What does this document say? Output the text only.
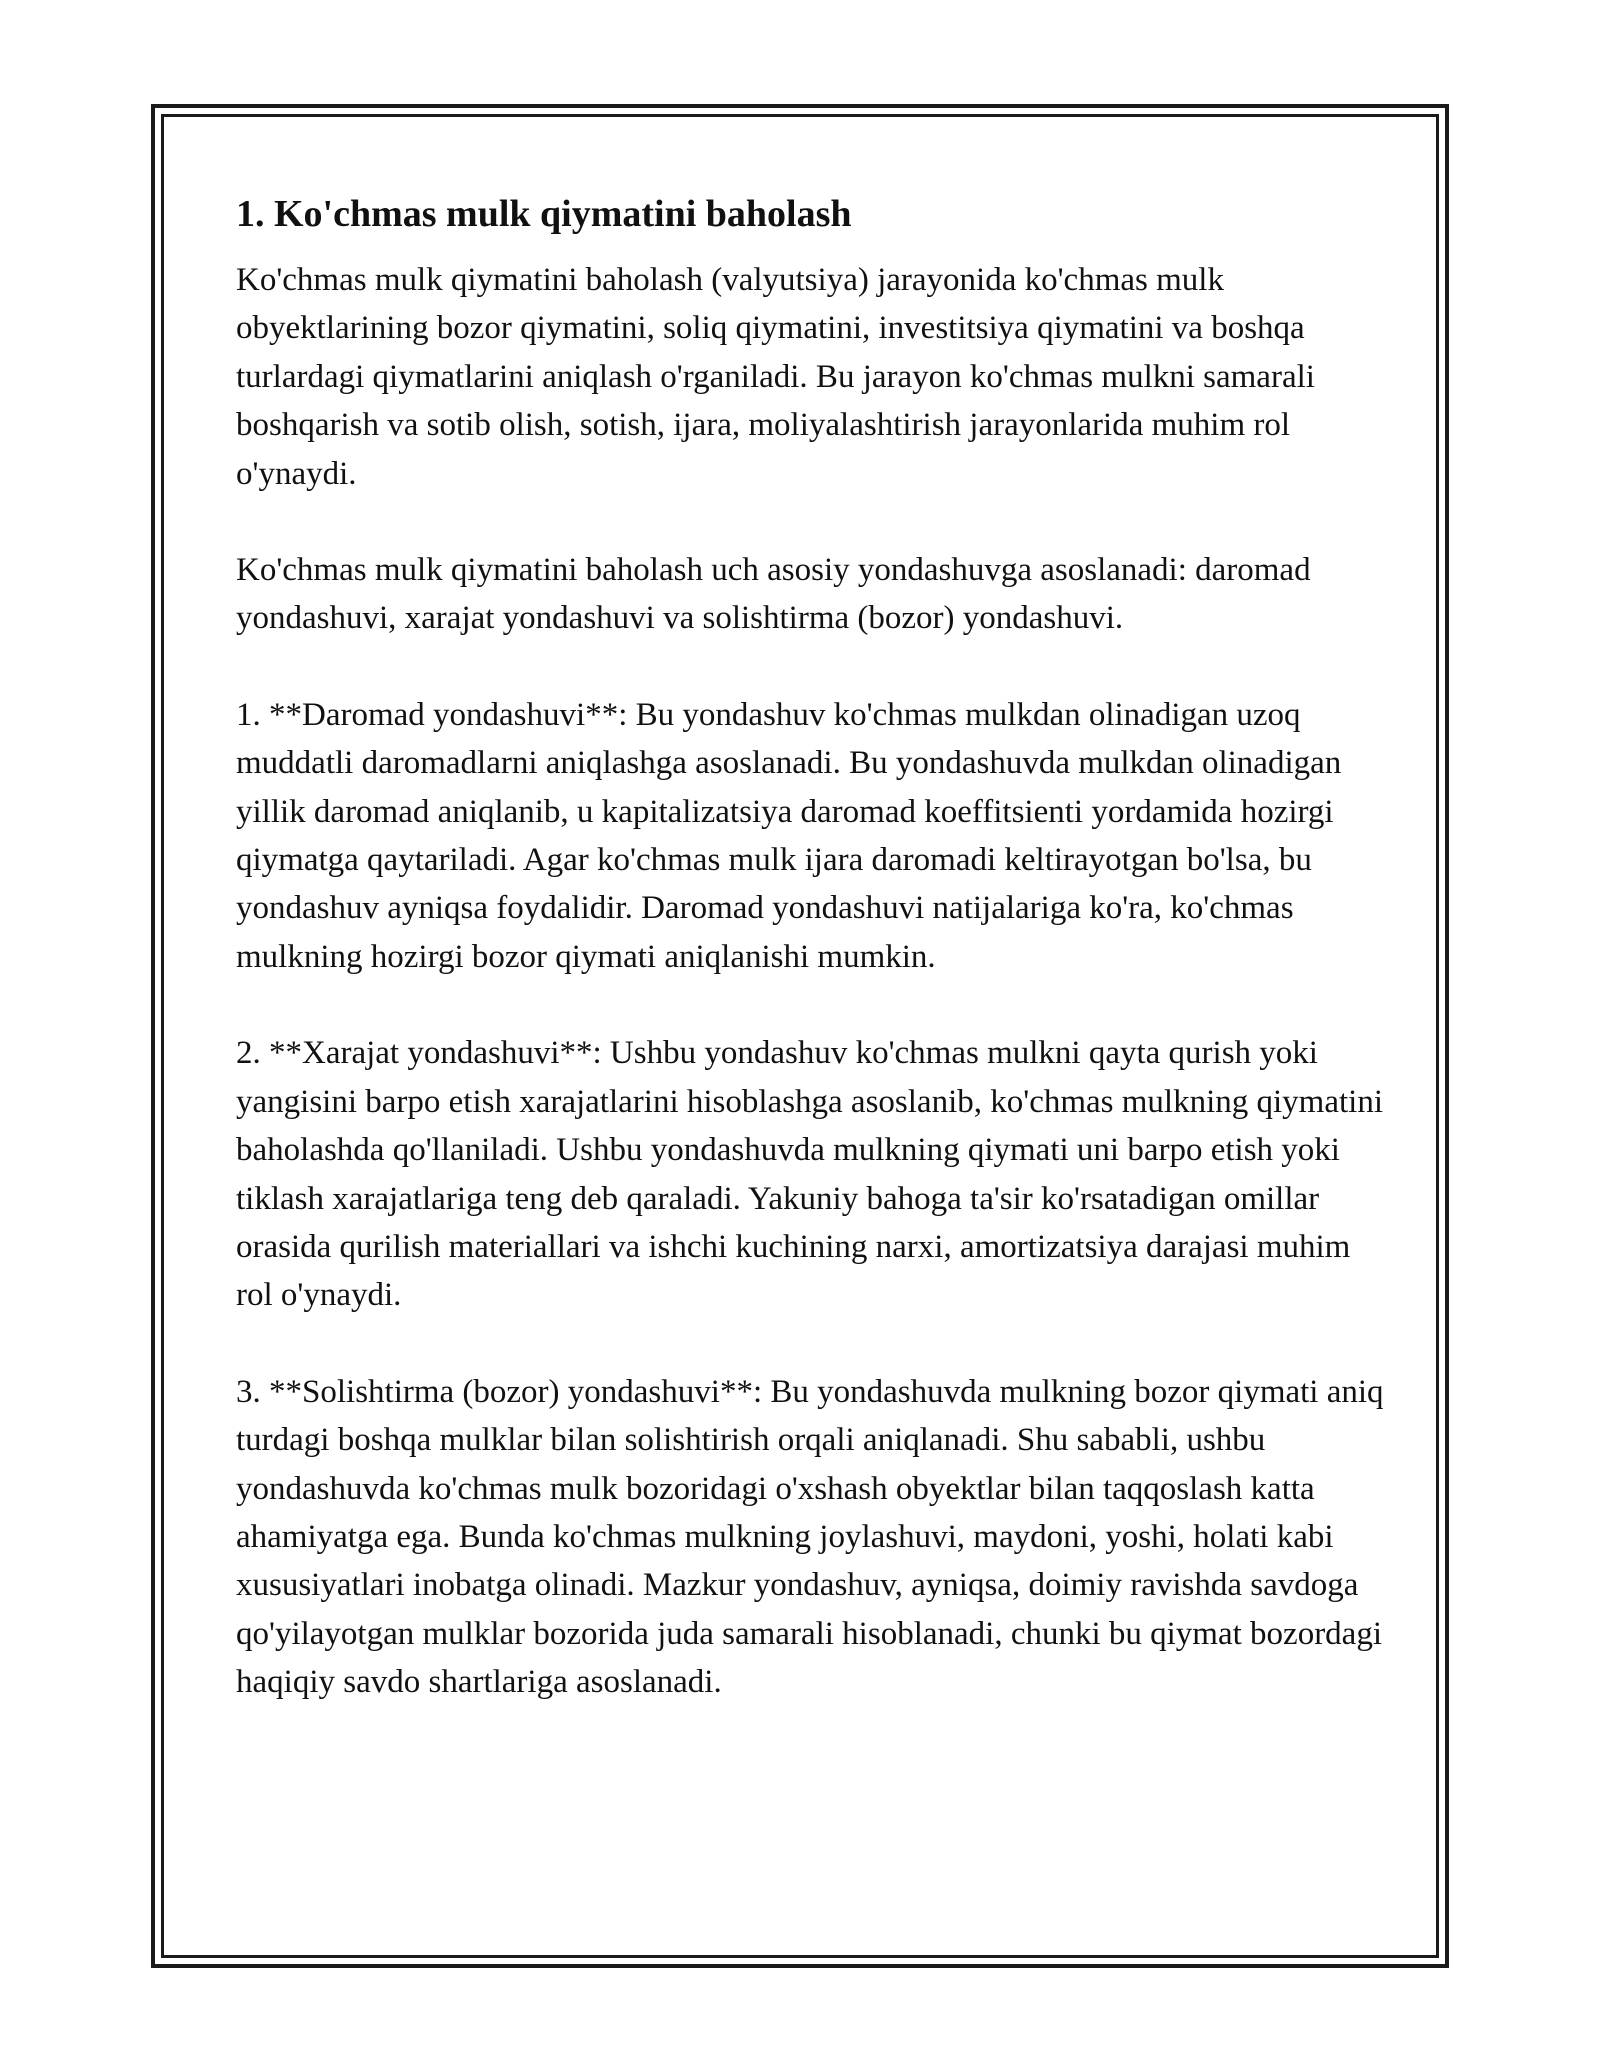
1. Ko'chmas mulk qiymatini baholash

Ko'chmas mulk qiymatini baholash (valyutsiya) jarayonida ko'chmas mulk obyektlarining bozor qiymatini, soliq qiymatini, investitsiya qiymatini va boshqa turlardagi qiymatlarini aniqlash o'rganiladi. Bu jarayon ko'chmas mulkni samarali boshqarish va sotib olish, sotish, ijara, moliyalashtirish jarayonlarida muhim rol o'ynaydi.

Ko'chmas mulk qiymatini baholash uch asosiy yondashuvga asoslanadi: daromad yondashuvi, xarajat yondashuvi va solishtirma (bozor) yondashuvi.

1. **Daromad yondashuvi**: Bu yondashuv ko'chmas mulkdan olinadigan uzoq muddatli daromadlarni aniqlashga asoslanadi. Bu yondashuvda mulkdan olinadigan yillik daromad aniqlanib, u kapitalizatsiya daromad koeffitsienti yordamida hozirgi qiymatga qaytariladi. Agar ko'chmas mulk ijara daromadi keltirayotgan bo'lsa, bu yondashuv ayniqsa foydalidir. Daromad yondashuvi natijalariga ko'ra, ko'chmas mulkning hozirgi bozor qiymati aniqlanishi mumkin.

2. **Xarajat yondashuvi**: Ushbu yondashuv ko'chmas mulkni qayta qurish yoki yangisini barpo etish xarajatlarini hisoblashga asoslanib, ko'chmas mulkning qiymatini baholashda qo'llaniladi. Ushbu yondashuvda mulkning qiymati uni barpo etish yoki tiklash xarajatlariga teng deb qaraladi. Yakuniy bahoga ta'sir ko'rsatadigan omillar orasida qurilish materiallari va ishchi kuchining narxi, amortizatsiya darajasi muhim rol o'ynaydi.

3. **Solishtirma (bozor) yondashuvi**: Bu yondashuvda mulkning bozor qiymati aniq turdagi boshqa mulklar bilan solishtirish orqali aniqlanadi. Shu sababli, ushbu yondashuvda ko'chmas mulk bozoridagi o'xshash obyektlar bilan taqqoslash katta ahamiyatga ega. Bunda ko'chmas mulkning joylashuvi, maydoni, yoshi, holati kabi xususiyatlari inobatga olinadi. Mazkur yondashuv, ayniqsa, doimiy ravishda savdoga qo'yilayotgan mulklar bozorida juda samarali hisoblanadi, chunki bu qiymat bozordagi haqiqiy savdo shartlariga asoslanadi.
